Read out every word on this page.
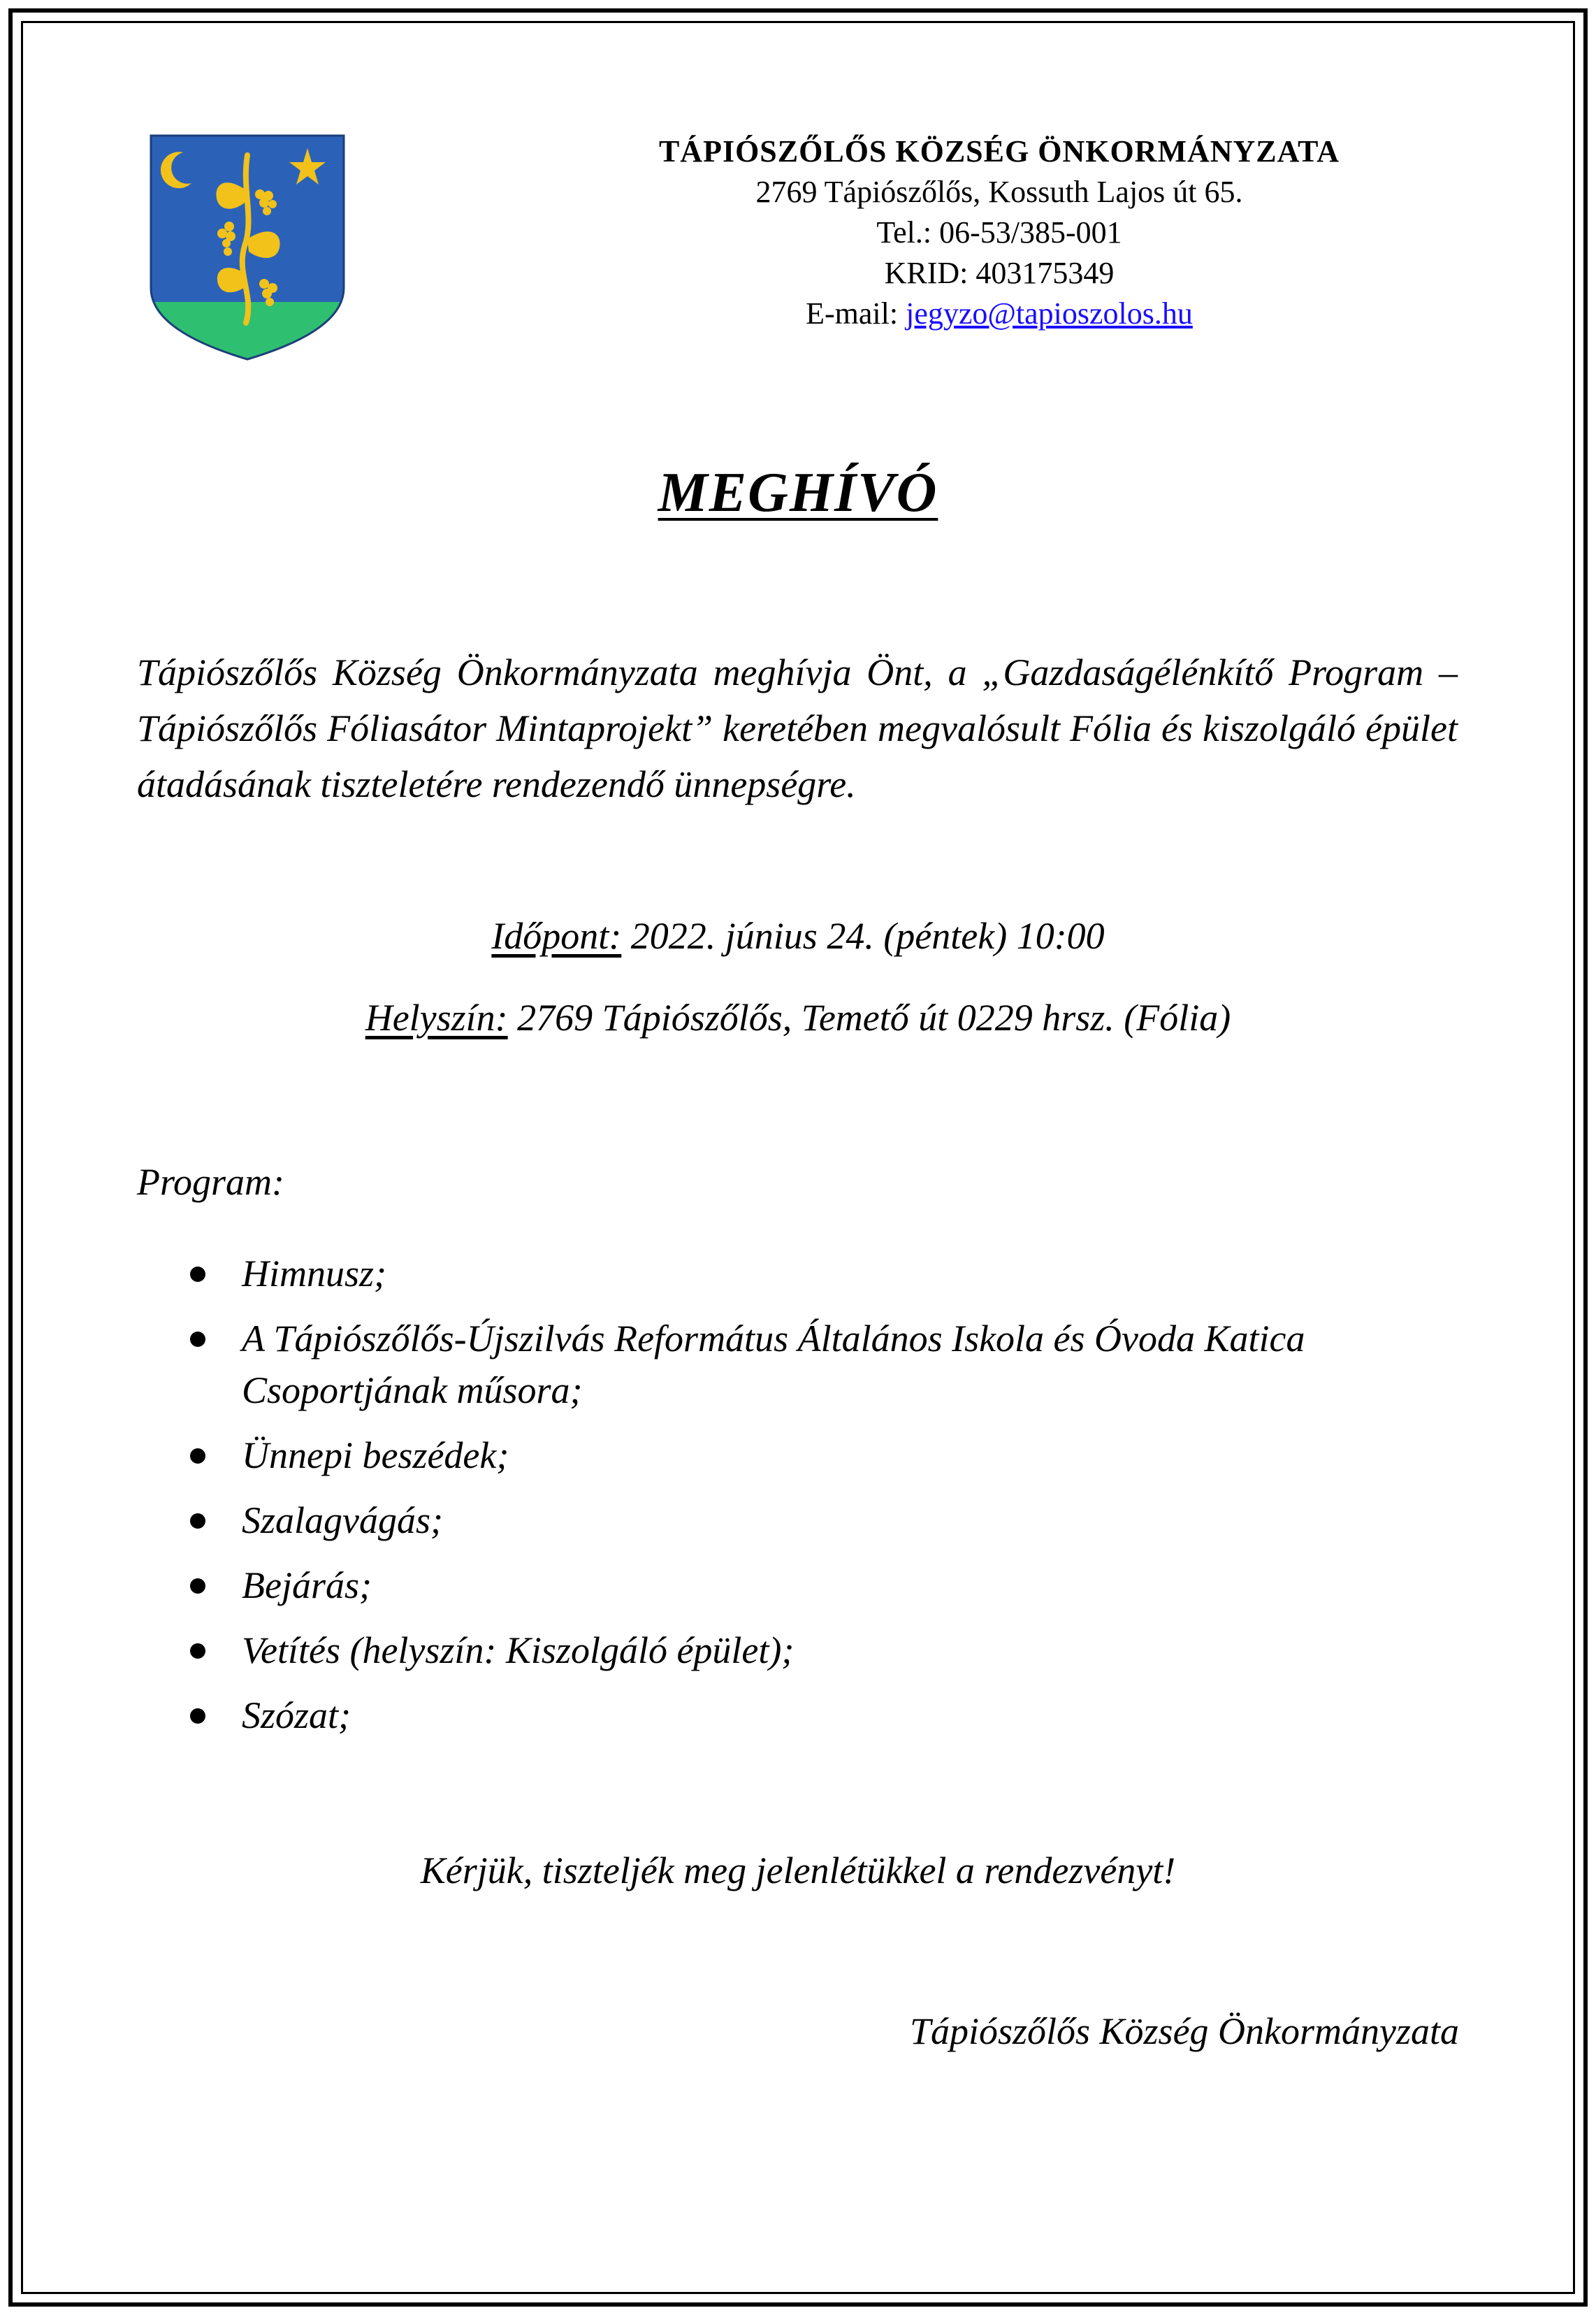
TÁPIÓSZŐLŐS KÖZSÉG ÖNKORMÁNYZATA
2769 Tápiószőlős, Kossuth Lajos út 65.
Tel.: 06-53/385-001
KRID: 403175349
E-mail: jegyzo@tapioszolos.hu
MEGHÍVÓ
Tápiószőlős Község Önkormányzata meghívja Önt, a „Gazdaságélénkítő Program – Tápiószőlős Fóliasátor Mintaprojekt” keretében megvalósult Fólia és kiszolgáló épület átadásának tiszteletére rendezendő ünnepségre.
Időpont: 2022. június 24. (péntek) 10:00
Helyszín: 2769 Tápiószőlős, Temető út 0229 hrsz. (Fólia)
Program:
Himnusz;
A Tápiószőlős-Újszilvás Református Általános Iskola és Óvoda Katica Csoportjának műsora;
Ünnepi beszédek;
Szalagvágás;
Bejárás;
Vetítés (helyszín: Kiszolgáló épület);
Szózat;
Kérjük, tiszteljék meg jelenlétükkel a rendezvényt!
Tápiószőlős Község Önkormányzata
